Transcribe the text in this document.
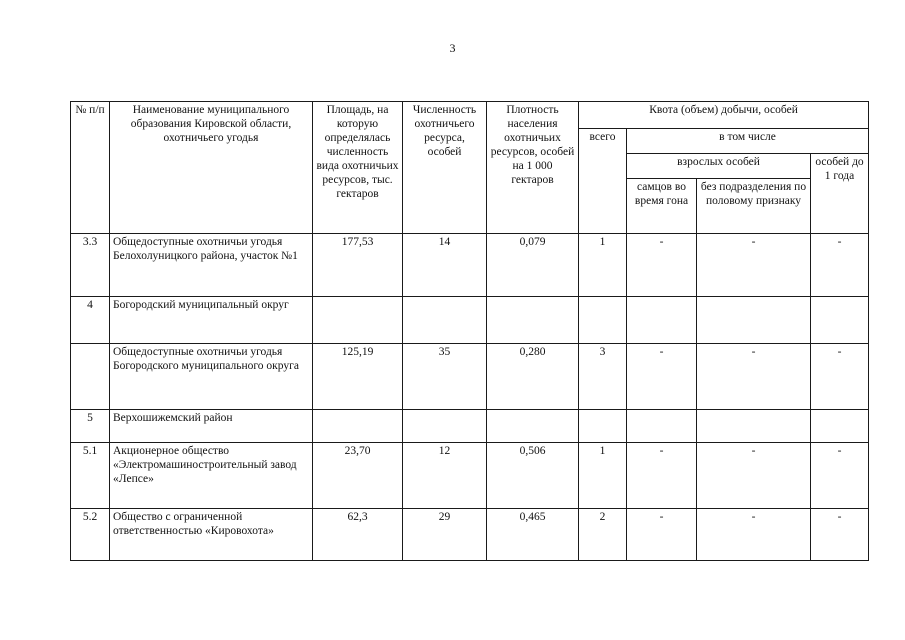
3
№ п/п	Наименование муниципального образования Кировской области, охотничьего угодья	Площадь, на которую определялась численность вида охотничьих ресурсов, тыс. гектаров	Численность охотничьего ресурса, особей	Плотность населения охотничьих ресурсов, особей на 1 000 гектаров	Квота (объем) добычи, особей			
					всего	в том числе		
						взрослых особей		особей до 1 года
						самцов во время гона	без подразделения по половому признаку	
3.3	Общедоступные охотничьи угодья Белохолуницкого района, участок №1	177,53	14	0,079	1	-	-	-
4	Богородский муниципальный округ							
	Общедоступные охотничьи угодья Богородского муниципального округа	125,19	35	0,280	3	-	-	-
5	Верхошижемский район							
5.1	Акционерное общество «Электромашиностроительный завод «Лепсе»	23,70	12	0,506	1	-	-	-
5.2	Общество с ограниченной ответственностью «Кировохота»	62,3	29	0,465	2	-	-	-
